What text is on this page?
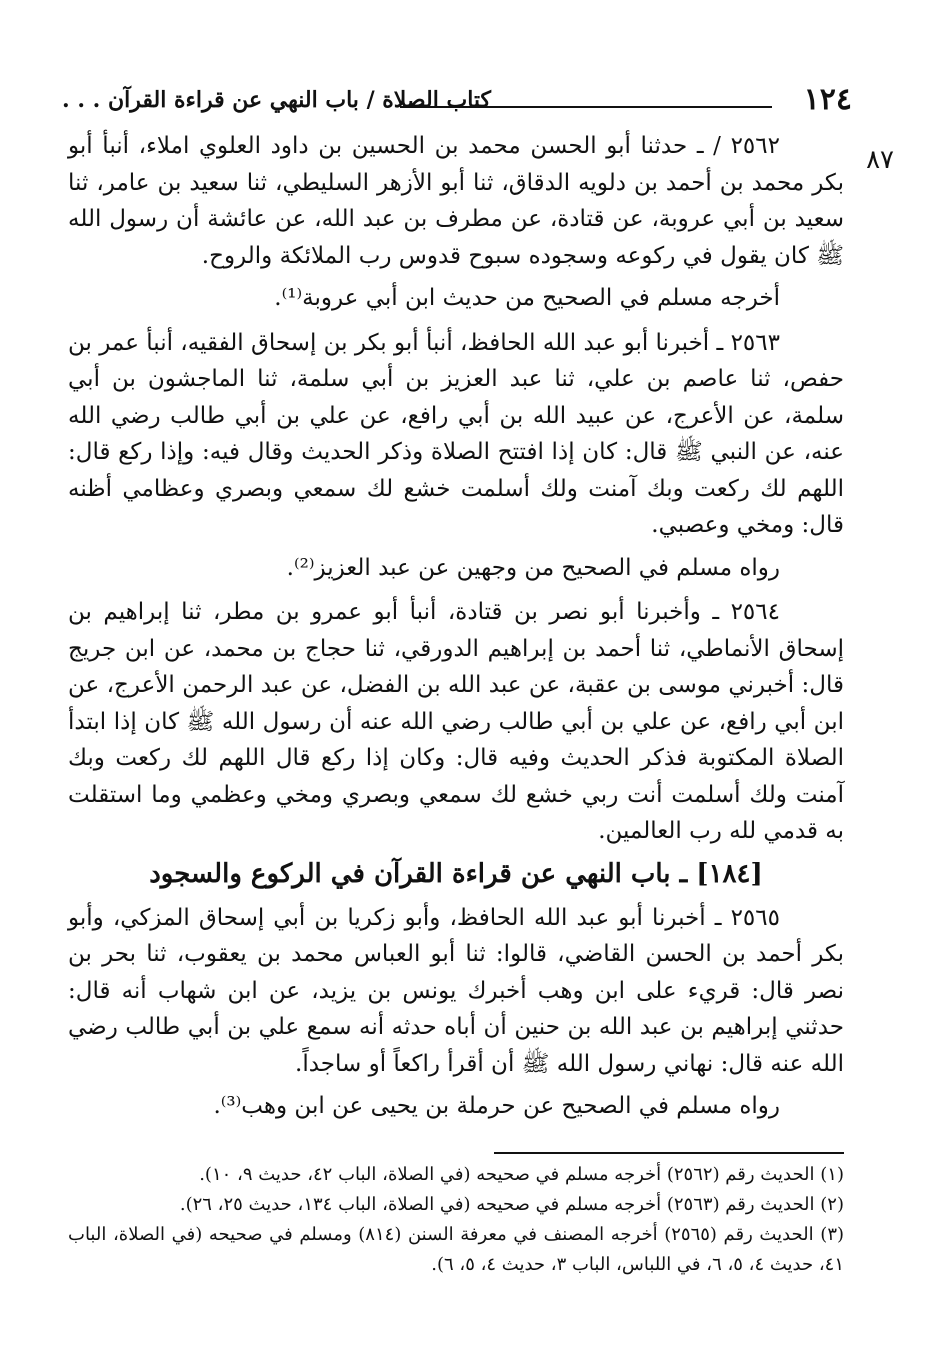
١٢٤
كتاب الصلاة / باب النهي عن قراءة القرآن . . .
٨٧

٢٥٦٢ / ـ حدثنا أبو الحسن محمد بن الحسين بن داود العلوي املاء، أنبأ أبو بكر محمد بن أحمد بن دلويه الدقاق، ثنا أبو الأزهر السليطي، ثنا سعيد بن عامر، ثنا سعيد بن أبي عروبة، عن قتادة، عن مطرف بن عبد الله، عن عائشة أن رسول الله ﷺ كان يقول في ركوعه وسجوده سبوح قدوس رب الملائكة والروح.

أخرجه مسلم في الصحيح من حديث ابن أبي عروبة⁽¹⁾.

٢٥٦٣ ـ أخبرنا أبو عبد الله الحافظ، أنبأ أبو بكر بن إسحاق الفقيه، أنبأ عمر بن حفص، ثنا عاصم بن علي، ثنا عبد العزيز بن أبي سلمة، ثنا الماجشون بن أبي سلمة، عن الأعرج، عن عبيد الله بن أبي رافع، عن علي بن أبي طالب رضي الله عنه، عن النبي ﷺ قال: كان إذا افتتح الصلاة وذكر الحديث وقال فيه: وإذا ركع قال: اللهم لك ركعت وبك آمنت ولك أسلمت خشع لك سمعي وبصري وعظامي أظنه قال: ومخي وعصبي.

رواه مسلم في الصحيح من وجهين عن عبد العزيز⁽²⁾.

٢٥٦٤ ـ وأخبرنا أبو نصر بن قتادة، أنبأ أبو عمرو بن مطر، ثنا إبراهيم بن إسحاق الأنماطي، ثنا أحمد بن إبراهيم الدورقي، ثنا حجاج بن محمد، عن ابن جريج قال: أخبرني موسى بن عقبة، عن عبد الله بن الفضل، عن عبد الرحمن الأعرج، عن ابن أبي رافع، عن علي بن أبي طالب رضي الله عنه أن رسول الله ﷺ كان إذا ابتدأ الصلاة المكتوبة فذكر الحديث وفيه قال: وكان إذا ركع قال اللهم لك ركعت وبك آمنت ولك أسلمت أنت ربي خشع لك سمعي وبصري ومخي وعظمي وما استقلت به قدمي لله رب العالمين.

[١٨٤] ـ باب النهي عن قراءة القرآن في الركوع والسجود

٢٥٦٥ ـ أخبرنا أبو عبد الله الحافظ، وأبو زكريا بن أبي إسحاق المزكي، وأبو بكر أحمد بن الحسن القاضي، قالوا: ثنا أبو العباس محمد بن يعقوب، ثنا بحر بن نصر قال: قريء على ابن وهب أخبرك يونس بن يزيد، عن ابن شهاب أنه قال: حدثني إبراهيم بن عبد الله بن حنين أن أباه حدثه أنه سمع علي بن أبي طالب رضي الله عنه قال: نهاني رسول الله ﷺ أن أقرأ راكعاً أو ساجداً.

رواه مسلم في الصحيح عن حرملة بن يحيى عن ابن وهب⁽³⁾.

(١) الحديث رقم (٢٥٦٢) أخرجه مسلم في صحيحه (في الصلاة، الباب ٤٢، حديث ٩، ١٠).

(٢) الحديث رقم (٢٥٦٣) أخرجه مسلم في صحيحه (في الصلاة، الباب ١٣٤، حديث ٢٥، ٢٦).

(٣) الحديث رقم (٢٥٦٥) أخرجه المصنف في معرفة السنن (٨١٤) ومسلم في صحيحه (في الصلاة، الباب ٤١، حديث ٤، ٥، ٦، في اللباس، الباب ٣، حديث ٤، ٥، ٦).
